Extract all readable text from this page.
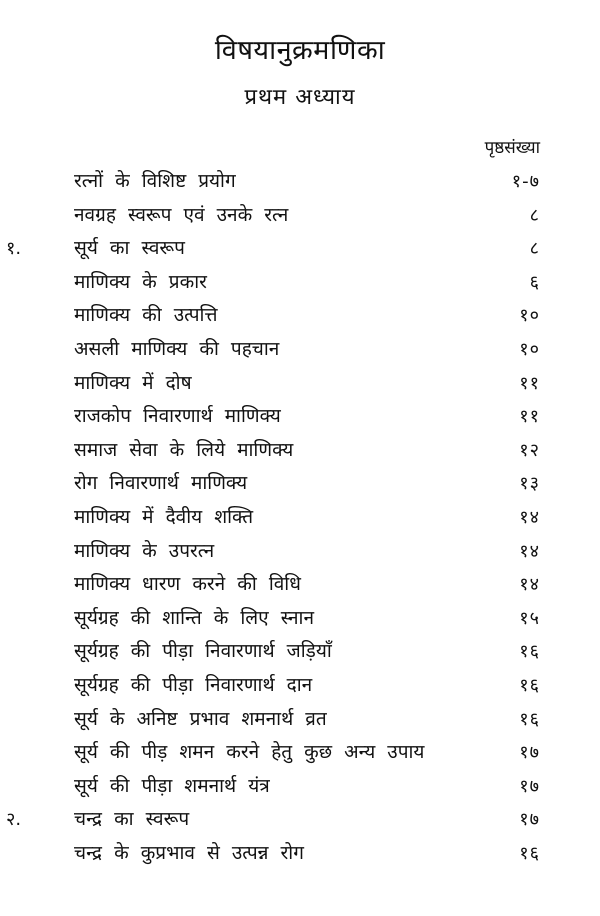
विषयानुक्रमणिका
प्रथम अध्याय
पृष्ठसंख्या
रत्नों के विशिष्ट प्रयोग	१-७
नवग्रह स्वरूप एवं उनके रत्न	८
१.	सूर्य का स्वरूप	८
माणिक्य के प्रकार	६
माणिक्य की उत्पत्ति	१०
असली माणिक्य की पहचान	१०
माणिक्य में दोष	११
राजकोप निवारणार्थ माणिक्य	११
समाज सेवा के लिये माणिक्य	१२
रोग निवारणार्थ माणिक्य	१३
माणिक्य में दैवीय शक्ति	१४
माणिक्य के उपरत्न	१४
माणिक्य धारण करने की विधि	१४
सूर्यग्रह की शान्ति के लिए स्नान	१५
सूर्यग्रह की पीड़ा निवारणार्थ जड़ियाँ	१६
सूर्यग्रह की पीड़ा निवारणार्थ दान	१६
सूर्य के अनिष्ट प्रभाव शमनार्थ व्रत	१६
सूर्य की पीड़ शमन करने हेतु कुछ अन्य उपाय	१७
सूर्य की पीड़ा शमनार्थ यंत्र	१७
२.	चन्द्र का स्वरूप	१७
चन्द्र के कुप्रभाव से उत्पन्न रोग	१६
